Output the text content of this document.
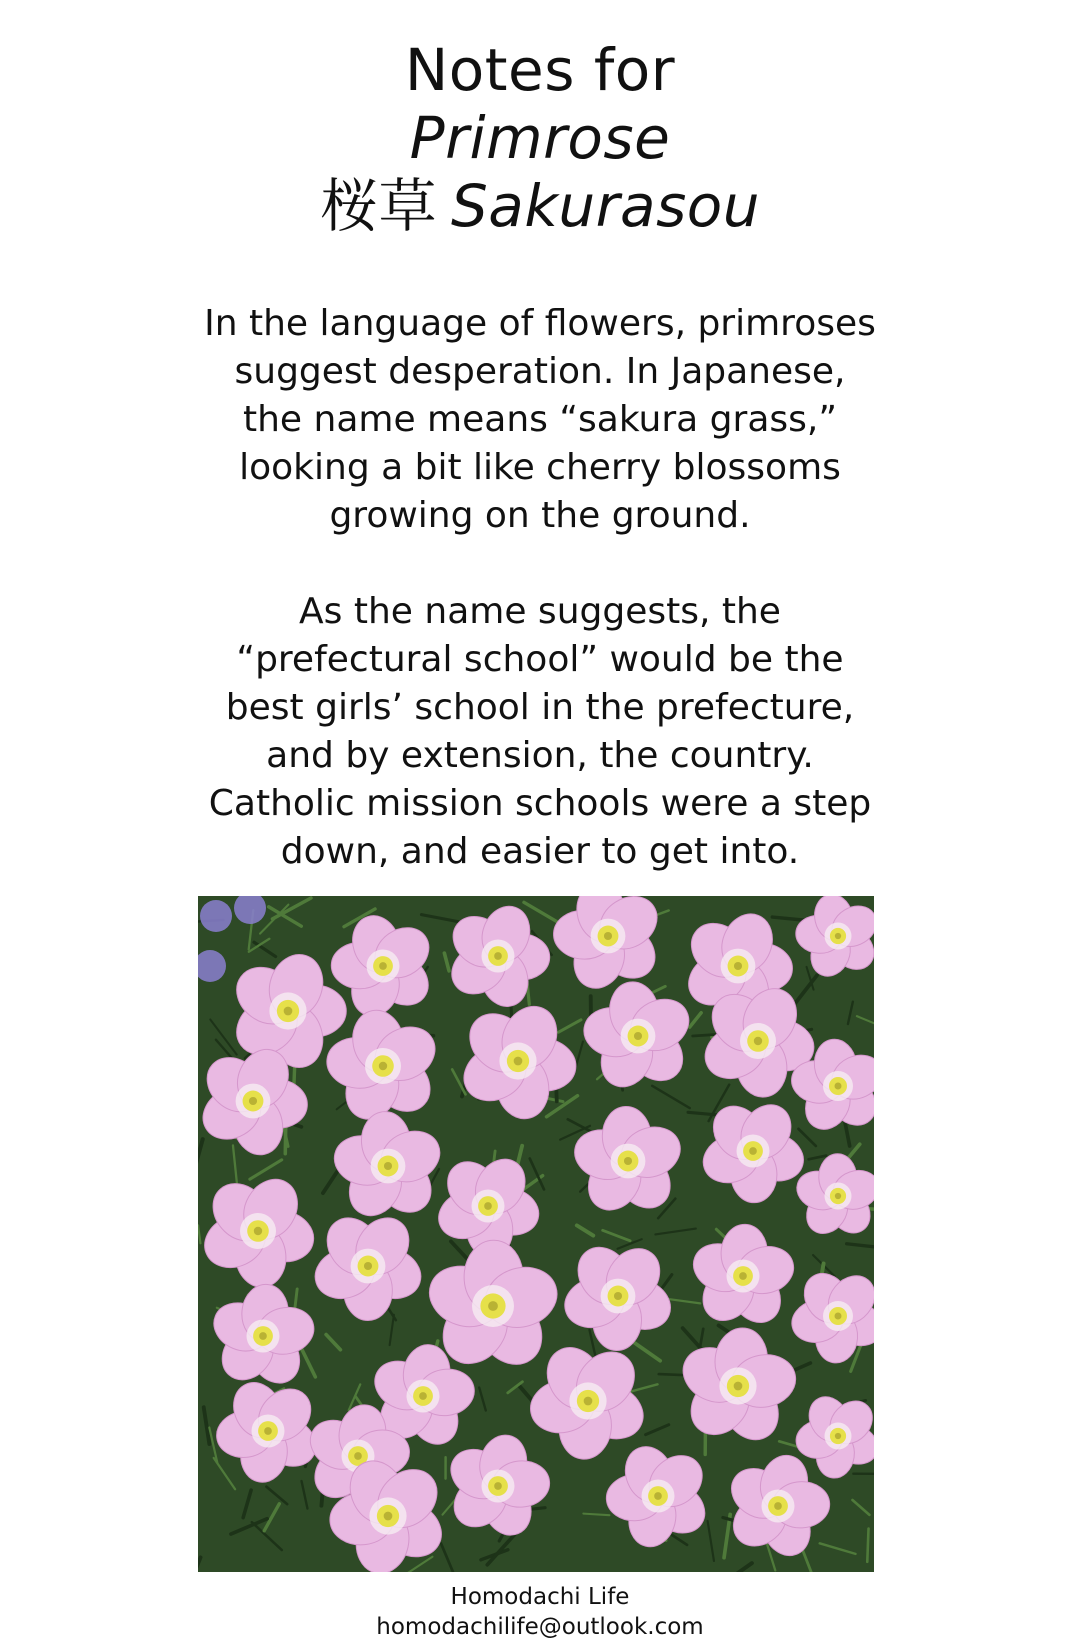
Notes for
Primrose
桜草 Sakurasou
In the language of flowers, primroses
suggest desperation. In Japanese,
the name means “sakura grass,”
looking a bit like cherry blossoms
growing on the ground.
As the name suggests, the
“prefectural school” would be the
best girls’ school in the prefecture,
and by extension, the country.
Catholic mission schools were a step
down, and easier to get into.
Homodachi Life
homodachilife@outlook.com
